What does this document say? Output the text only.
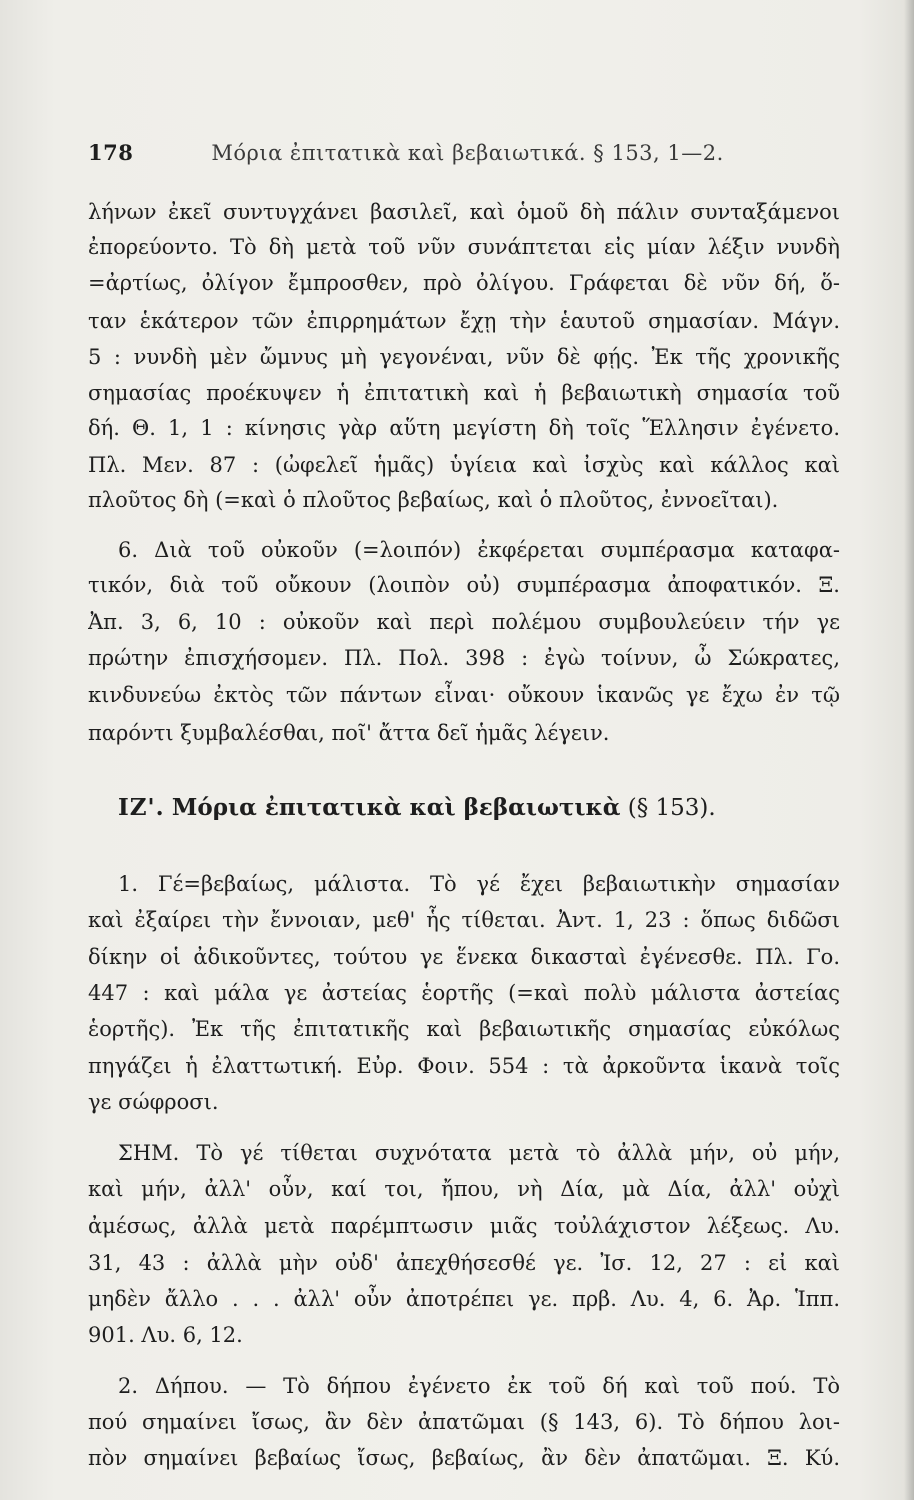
178	Μόρια ἐπιτατικὰ καὶ βεβαιωτικά. § 153, 1—2.
λήνων ἐκεῖ συντυγχάνει βασιλεῖ, καὶ ὁμοῦ δὴ πάλιν συνταξάμενοι
ἐπορεύοντο. Τὸ δὴ μετὰ τοῦ νῦν συνάπτεται εἰς μίαν λέξιν νυνδὴ
=ἀρτίως, ὀλίγον ἔμπροσθεν, πρὸ ὀλίγου. Γράφεται δὲ νῦν δή, ὅ-
ταν ἑκάτερον τῶν ἐπιρρημάτων ἔχῃ τὴν ἑαυτοῦ σημασίαν. Μάγν.
5 : νυνδὴ μὲν ὤμνυς μὴ γεγονέναι, νῦν δὲ φῄς. Ἐκ τῆς χρονικῆς
σημασίας προέκυψεν ἡ ἐπιτατικὴ καὶ ἡ βεβαιωτικὴ σημασία τοῦ
δή. Θ. 1, 1 : κίνησις γὰρ αὕτη μεγίστη δὴ τοῖς Ἕλλησιν ἐγένετο.
Πλ. Μεν. 87 : (ὠφελεῖ ἡμᾶς) ὑγίεια καὶ ἰσχὺς καὶ κάλλος καὶ
πλοῦτος δὴ (=καὶ ὁ πλοῦτος βεβαίως, καὶ ὁ πλοῦτος, ἐννοεῖται).
6. Διὰ τοῦ οὐκοῦν (=λοιπόν) ἐκφέρεται συμπέρασμα καταφα-
τικόν, διὰ τοῦ οὔκουν (λοιπὸν οὐ) συμπέρασμα ἀποφατικόν. Ξ.
Ἀπ. 3, 6, 10 : οὐκοῦν καὶ περὶ πολέμου συμβουλεύειν τήν γε
πρώτην ἐπισχήσομεν. Πλ. Πολ. 398 : ἐγὼ τοίνυν, ὦ Σώκρατες,
κινδυνεύω ἐκτὸς τῶν πάντων εἶναι· οὔκουν ἱκανῶς γε ἔχω ἐν τῷ
παρόντι ξυμβαλέσθαι, ποῖ' ἄττα δεῖ ἡμᾶς λέγειν.
ΙΖ'. Μόρια ἐπιτατικὰ καὶ βεβαιωτικὰ (§ 153).
1. Γέ=βεβαίως, μάλιστα. Τὸ γέ ἔχει βεβαιωτικὴν σημασίαν
καὶ ἐξαίρει τὴν ἔννοιαν, μεθ' ἧς τίθεται. Ἀντ. 1, 23 : ὅπως διδῶσι
δίκην οἱ ἀδικοῦντες, τούτου γε ἕνεκα δικασταὶ ἐγένεσθε. Πλ. Γο.
447 : καὶ μάλα γε ἀστείας ἑορτῆς (=καὶ πολὺ μάλιστα ἀστείας
ἑορτῆς). Ἐκ τῆς ἐπιτατικῆς καὶ βεβαιωτικῆς σημασίας εὐκόλως
πηγάζει ἡ ἐλαττωτική. Εὐρ. Φοιν. 554 : τὰ ἀρκοῦντα ἱκανὰ τοῖς
γε σώφροσι.
ΣΗΜ. Τὸ γέ τίθεται συχνότατα μετὰ τὸ ἀλλὰ μήν, οὐ μήν,
καὶ μήν, ἀλλ' οὖν, καί τοι, ἤπου, νὴ Δία, μὰ Δία, ἀλλ' οὐχὶ
ἀμέσως, ἀλλὰ μετὰ παρέμπτωσιν μιᾶς τοὐλάχιστον λέξεως. Λυ.
31, 43 : ἀλλὰ μὴν οὐδ' ἀπεχθήσεσθέ γε. Ἰσ. 12, 27 : εἰ καὶ
μηδὲν ἄλλο . . . ἀλλ' οὖν ἀποτρέπει γε. πρβ. Λυ. 4, 6. Ἀρ. Ἱππ.
901. Λυ. 6, 12.
2. Δήπου. — Τὸ δήπου ἐγένετο ἐκ τοῦ δή καὶ τοῦ πού. Τὸ
πού σημαίνει ἴσως, ἂν δὲν ἀπατῶμαι (§ 143, 6). Τὸ δήπου λοι-
πὸν σημαίνει βεβαίως ἴσως, βεβαίως, ἂν δὲν ἀπατῶμαι. Ξ. Κύ.
